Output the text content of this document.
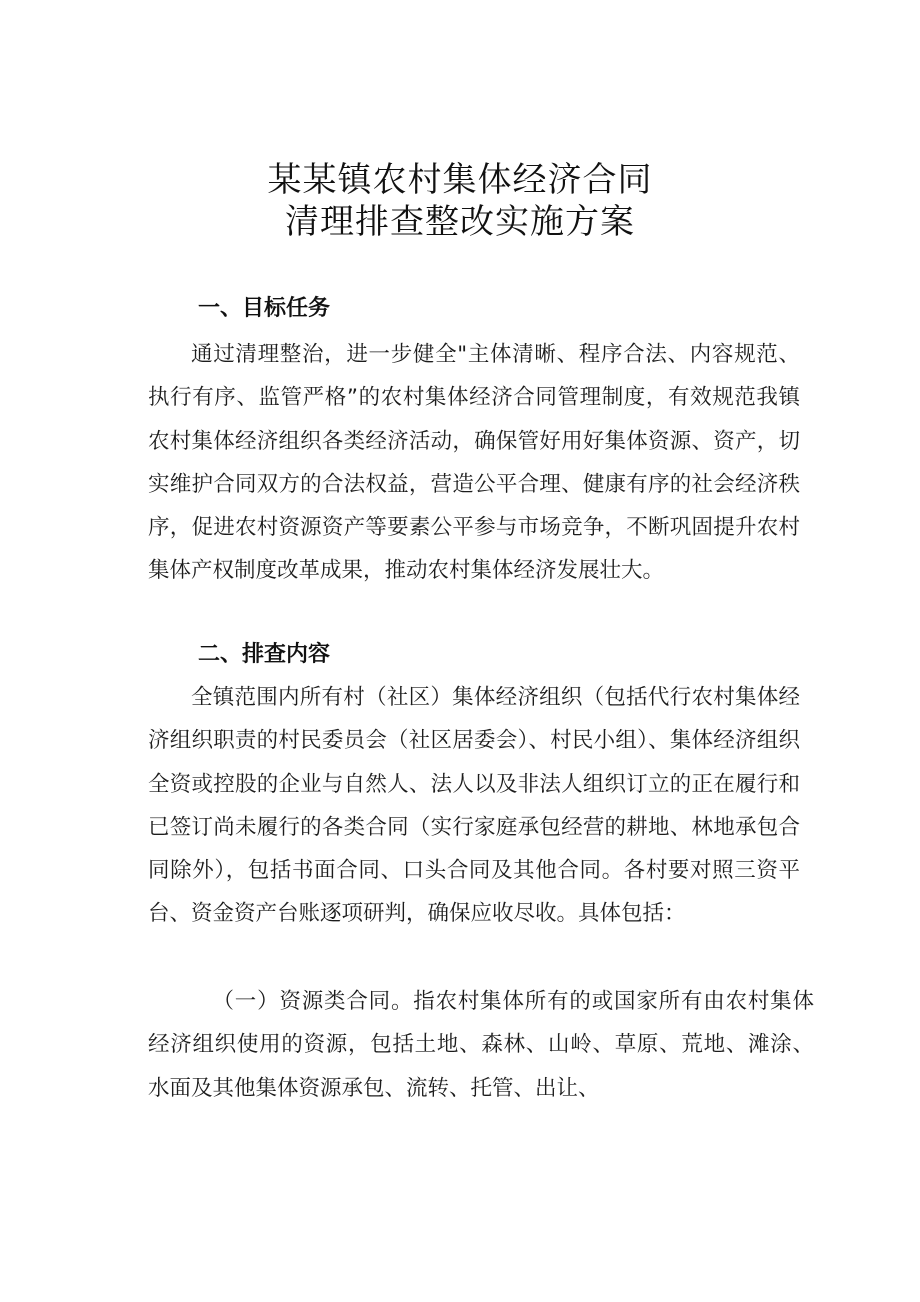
某某镇农村集体经济合同
清理排查整改实施方案
一、目标任务
通过清理整治，进一步健全"主体清晰、程序合法、内容规范、执行有序、监管严格”的农村集体经济合同管理制度，有效规范我镇农村集体经济组织各类经济活动，确保管好用好集体资源、资产，切实维护合同双方的合法权益，营造公平合理、健康有序的社会经济秩序，促进农村资源资产等要素公平参与市场竞争，不断巩固提升农村集体产权制度改革成果，推动农村集体经济发展壮大。
二、排查内容
全镇范围内所有村（社区）集体经济组织（包括代行农村集体经济组织职责的村民委员会（社区居委会）、村民小组）、集体经济组织全资或控股的企业与自然人、法人以及非法人组织订立的正在履行和已签订尚未履行的各类合同（实行家庭承包经营的耕地、林地承包合同除外），包括书面合同、口头合同及其他合同。各村要对照三资平台、资金资产台账逐项研判，确保应收尽收。具体包括：
（一）资源类合同。指农村集体所有的或国家所有由农村集体经济组织使用的资源，包括土地、森林、山岭、草原、荒地、滩涂、水面及其他集体资源承包、流转、托管、出让、
